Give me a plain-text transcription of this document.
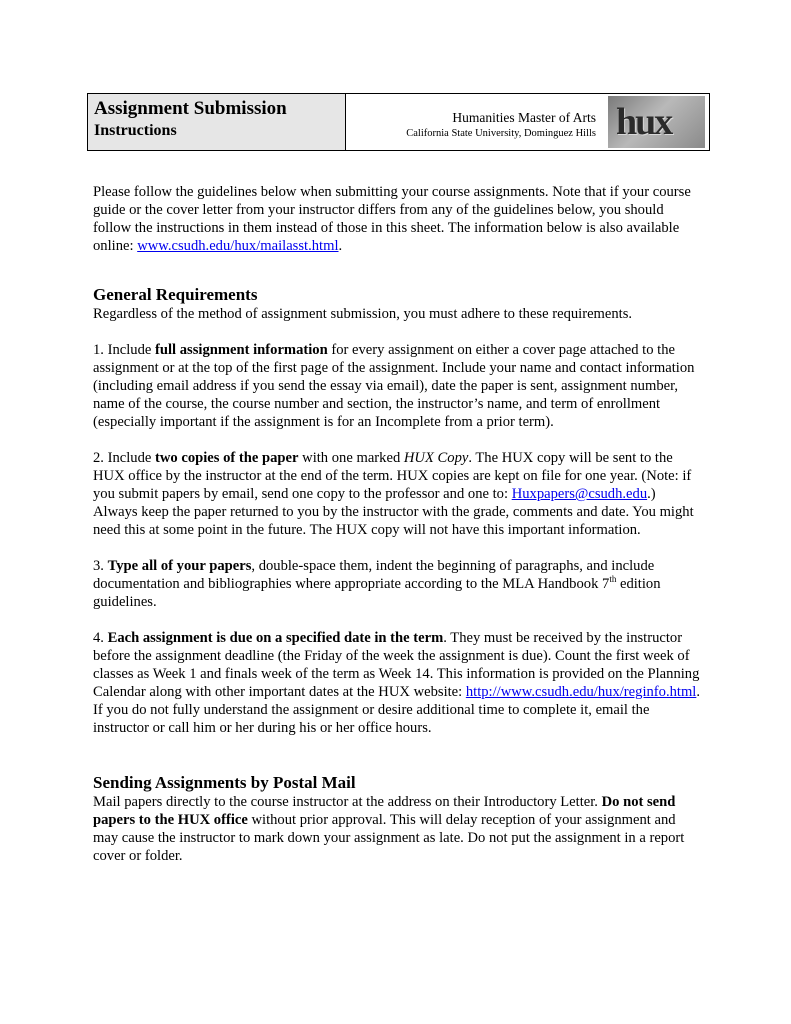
Assignment Submission
Instructions
Humanities Master of Arts
California State University, Dominguez Hills hux

Please follow the guidelines below when submitting your course assignments. Note that if your course guide or the cover letter from your instructor differs from any of the guidelines below, you should follow the instructions in them instead of those in this sheet. The information below is also available online: www.csudh.edu/hux/mailasst.html.

General Requirements

Regardless of the method of assignment submission, you must adhere to these requirements.

1. Include full assignment information for every assignment on either a cover page attached to the assignment or at the top of the first page of the assignment. Include your name and contact information (including email address if you send the essay via email), date the paper is sent, assignment number, name of the course, the course number and section, the instructor’s name, and term of enrollment (especially important if the assignment is for an Incomplete from a prior term).

2. Include two copies of the paper with one marked HUX Copy. The HUX copy will be sent to the HUX office by the instructor at the end of the term. HUX copies are kept on file for one year. (Note: if you submit papers by email, send one copy to the professor and one to: Huxpapers@csudh.edu.) Always keep the paper returned to you by the instructor with the grade, comments and date. You might need this at some point in the future. The HUX copy will not have this important information.

3. Type all of your papers, double-space them, indent the beginning of paragraphs, and include documentation and bibliographies where appropriate according to the MLA Handbook 7th edition guidelines.

4. Each assignment is due on a specified date in the term. They must be received by the instructor before the assignment deadline (the Friday of the week the assignment is due). Count the first week of classes as Week 1 and finals week of the term as Week 14. This information is provided on the Planning Calendar along with other important dates at the HUX website: http://www.csudh.edu/hux/reginfo.html. If you do not fully understand the assignment or desire additional time to complete it, email the instructor or call him or her during his or her office hours.

Sending Assignments by Postal Mail

Mail papers directly to the course instructor at the address on their Introductory Letter. Do not send papers to the HUX office without prior approval. This will delay reception of your assignment and may cause the instructor to mark down your assignment as late. Do not put the assignment in a report cover or folder.
